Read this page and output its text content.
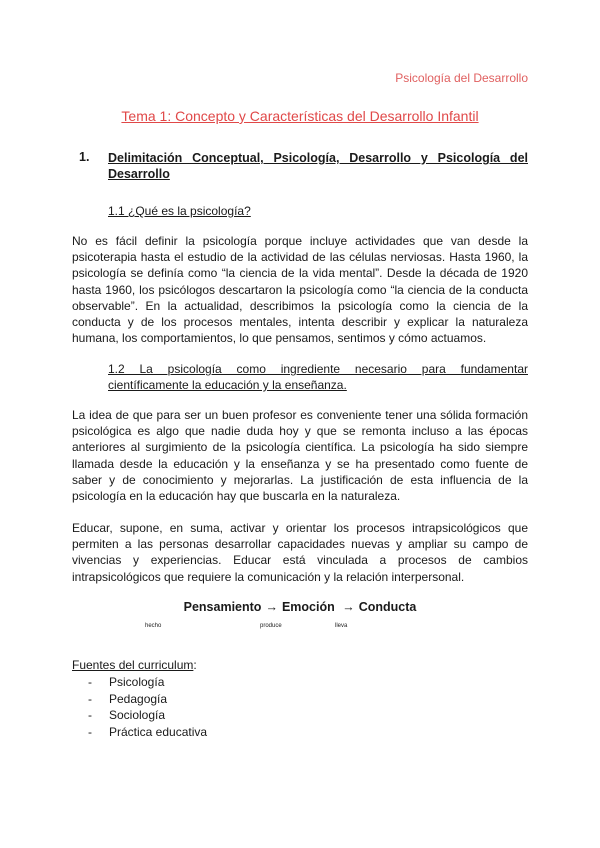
Psicología del Desarrollo
Tema 1: Concepto y Características del Desarrollo Infantil
1. Delimitación Conceptual, Psicología, Desarrollo y Psicología del Desarrollo
1.1 ¿Qué es la psicología?
No es fácil definir la psicología porque incluye actividades que van desde la psicoterapia hasta el estudio de la actividad de las células nerviosas. Hasta 1960, la psicología se definía como “la ciencia de la vida mental”. Desde la década de 1920 hasta 1960, los psicólogos descartaron la psicología como “la ciencia de la conducta observable”. En la actualidad, describimos la psicología como la ciencia de la conducta y de los procesos mentales, intenta describir y explicar la naturaleza humana, los comportamientos, lo que pensamos, sentimos y cómo actuamos.
1.2 La psicología como ingrediente necesario para fundamentar científicamente la educación y la enseñanza.
La idea de que para ser un buen profesor es conveniente tener una sólida formación psicológica es algo que nadie duda hoy y que se remonta incluso a las épocas anteriores al surgimiento de la psicología científica. La psicología ha sido siempre llamada desde la educación y la enseñanza y se ha presentado como fuente de saber y de conocimiento y mejorarlas. La justificación de esta influencia de la psicología en la educación hay que buscarla en la naturaleza.
Educar, supone, en suma, activar y orientar los procesos intrapsicológicos que permiten a las personas desarrollar capacidades nuevas y ampliar su campo de vivencias y experiencias. Educar está vinculada a procesos de cambios intrapsicológicos que requiere la comunicación y la relación interpersonal.
Pensamiento → Emoción → Conducta
hecho	produce	lleva
Fuentes del curriculum:
-	Psicología
-	Pedagogía
-	Sociología
-	Práctica educativa
